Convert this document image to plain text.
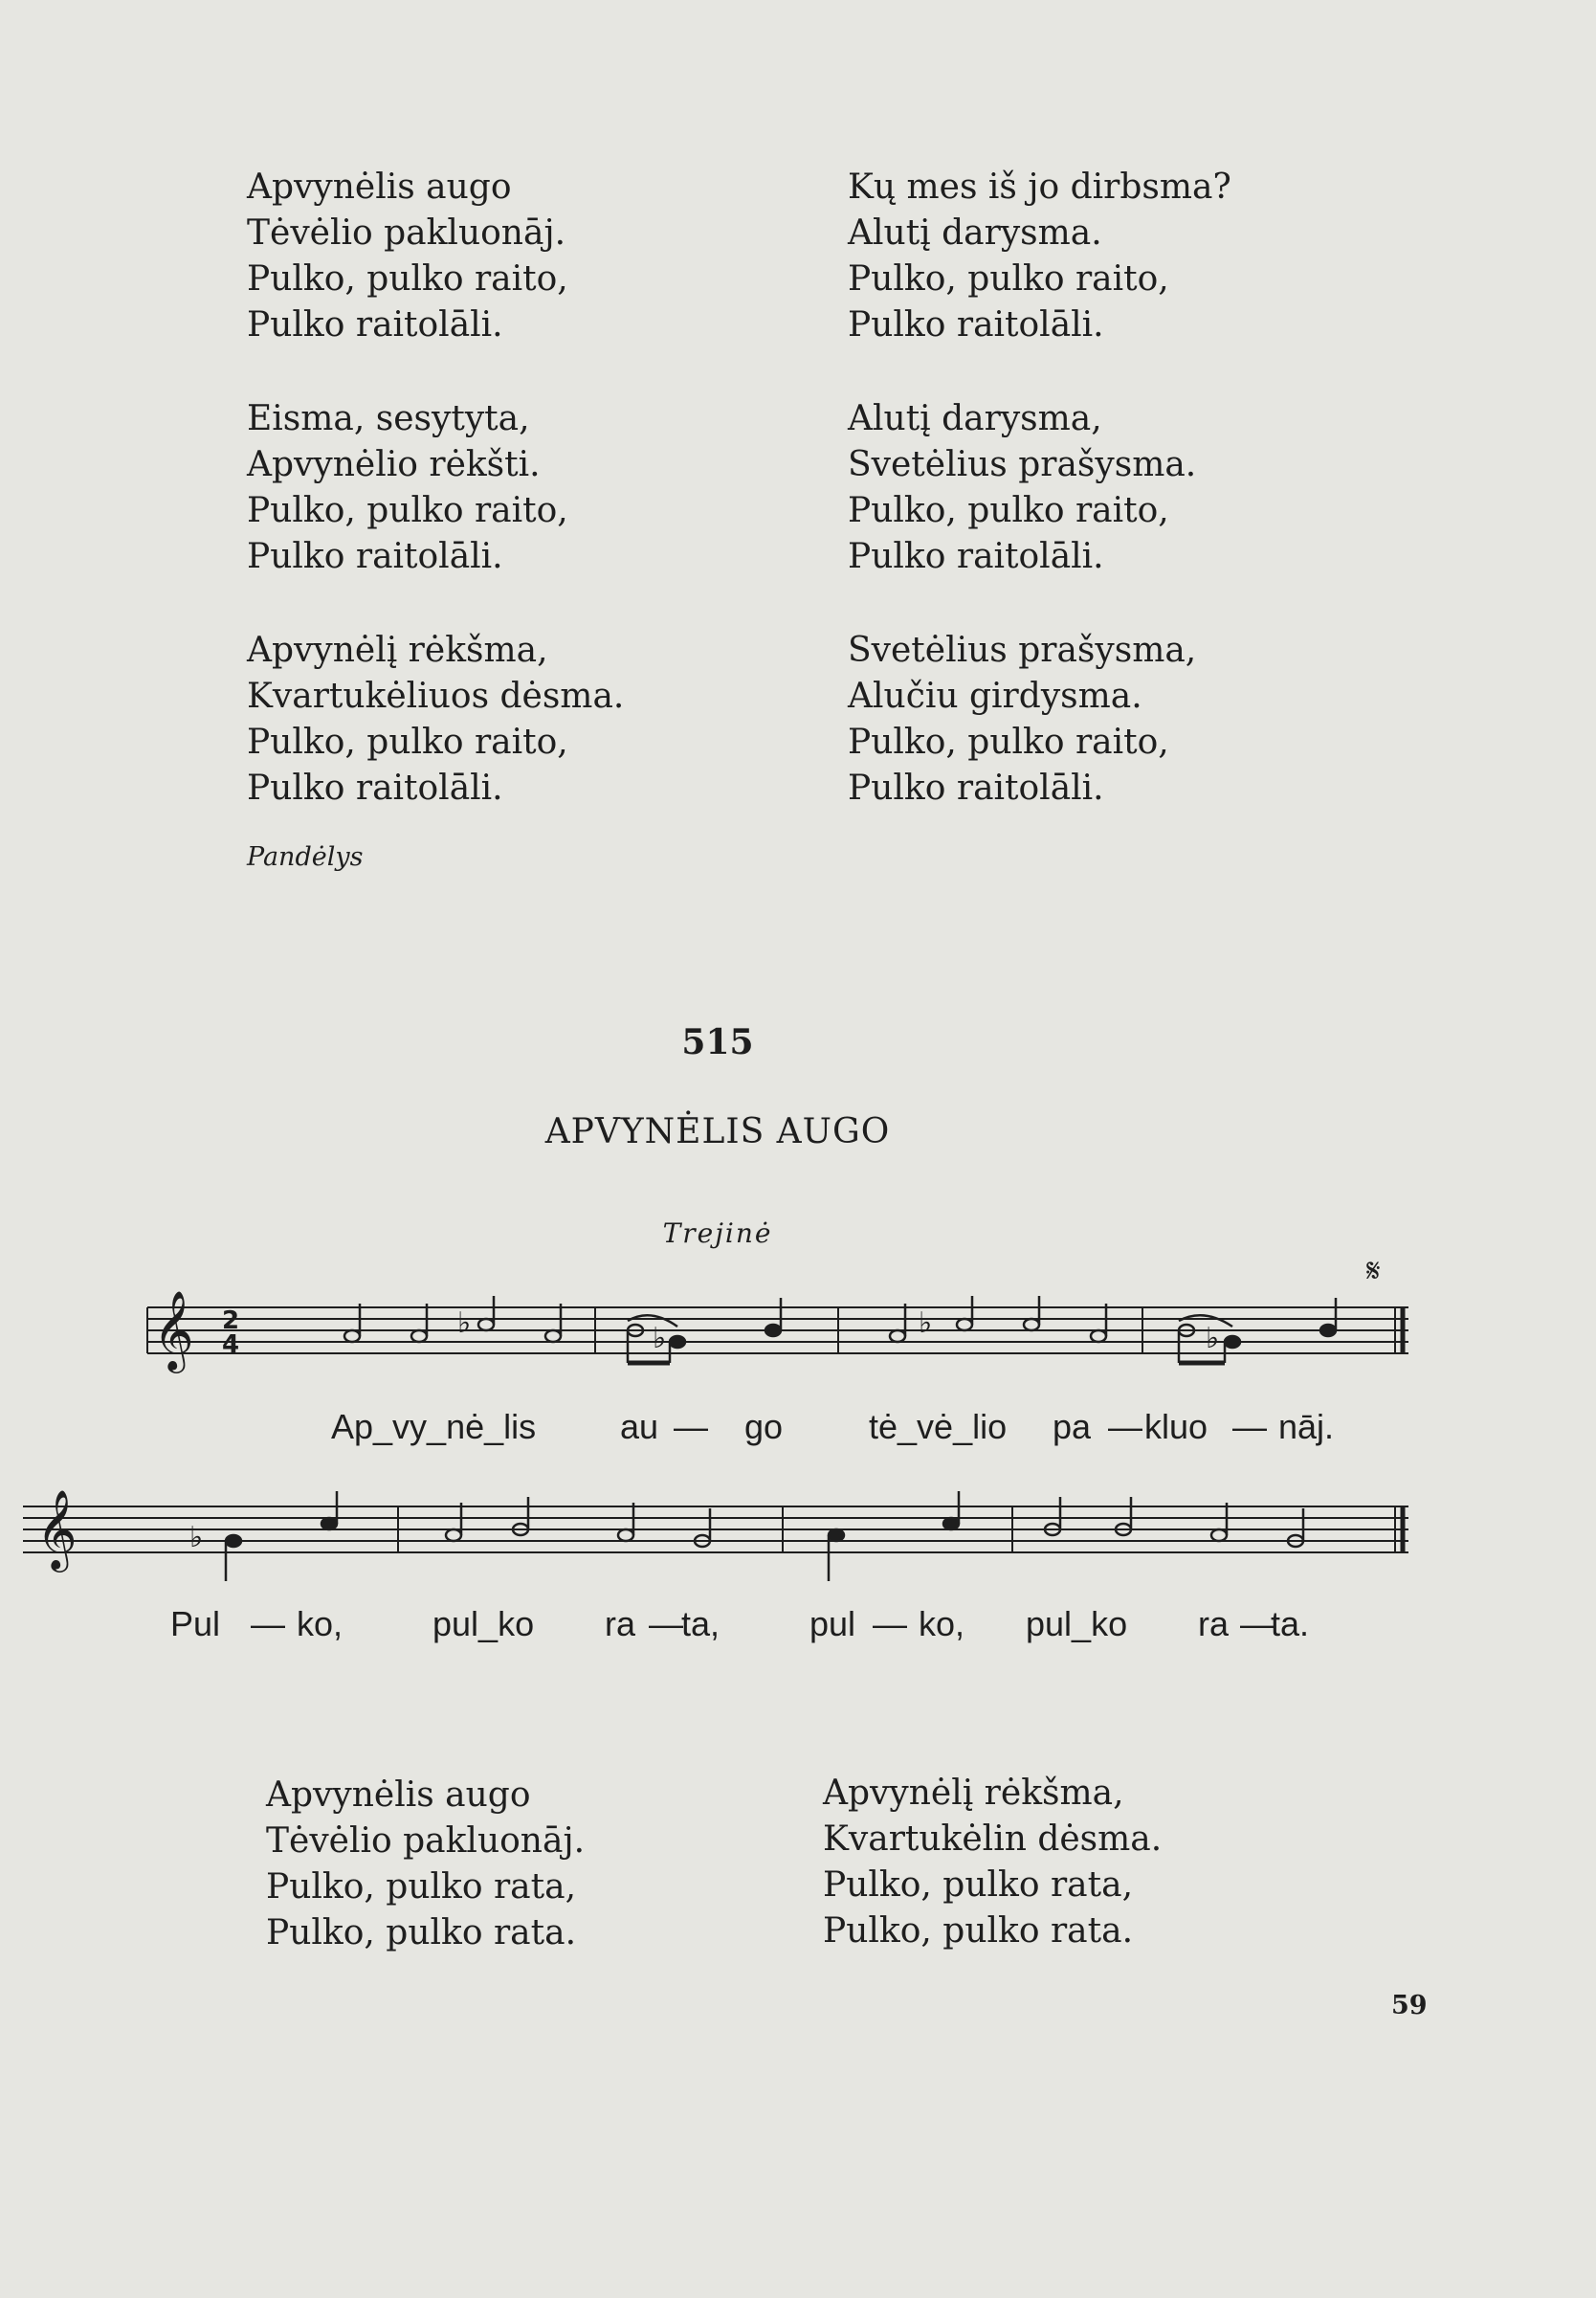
Apvynėlis augo
Tėvėlio pakluonāj.
Pulko, pulko raito,
Pulko raitolāli.
Eisma, sesytyta,
Apvynėlio rėkšti.
Pulko, pulko raito,
Pulko raitolāli.
Apvynėlį rėkšma,
Kvartukėliuos dėsma.
Pulko, pulko raito,
Pulko raitolāli.
Kų mes iš jo dirbsma?
Alutį darysma.
Pulko, pulko raito,
Pulko raitolāli.
Alutį darysma,
Svetėlius prašysma.
Pulko, pulko raito,
Pulko raitolāli.
Svetėlius prašysma,
Alučiu girdysma.
Pulko, pulko raito,
Pulko raitolāli.
Pandėlys
515
APVYNĖLIS AUGO
Trejinė
𝄋
𝄞 2
4
♭	♭	♭	♭
Ap_vy_nė_lis au — go tė_vė_lio pa — kluo — nāj.
𝄞	♭
Pul — ko,	pul_ko ra —
ta,	pul — ko, pul_ko ra —
ta.
Apvynėlis augo
Tėvėlio pakluonāj.
Pulko, pulko rata,
Pulko, pulko rata.
Apvynėlį rėkšma,
Kvartukėlin dėsma.
Pulko, pulko rata,
Pulko, pulko rata.
59
